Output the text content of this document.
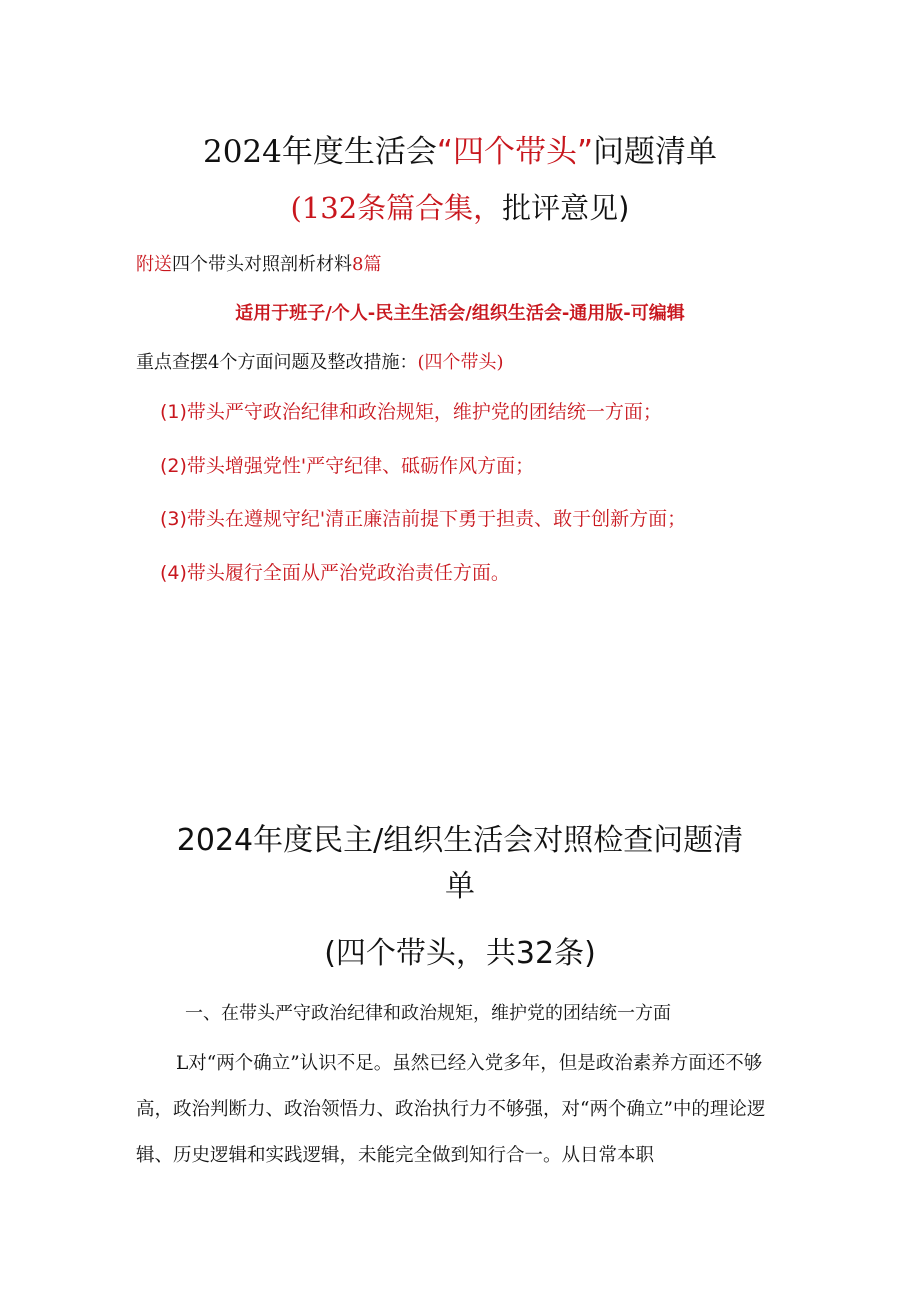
2024年度生活会“四个带头”问题清单
(132条篇合集，批评意见)
附送四个带头对照剖析材料8篇
适用于班子/个人-民主生活会/组织生活会-通用版-可编辑
重点查摆4个方面问题及整改措施：(四个带头)
(1)带头严守政治纪律和政治规矩，维护党的团结统一方面；
(2)带头增强党性'严守纪律、砥砺作风方面；
(3)带头在遵规守纪'清正廉洁前提下勇于担责、敢于创新方面；
(4)带头履行全面从严治党政治责任方面。
2024年度民主/组织生活会对照检查问题清
单
(四个带头，共32条)
一、在带头严守政治纪律和政治规矩，维护党的团结统一方面
L对“两个确立”认识不足。虽然已经入党多年，但是政治素养方面还不够高，政治判断力、政治领悟力、政治执行力不够强，对“两个确立”中的理论逻辑、历史逻辑和实践逻辑，未能完全做到知行合一。从日常本职
